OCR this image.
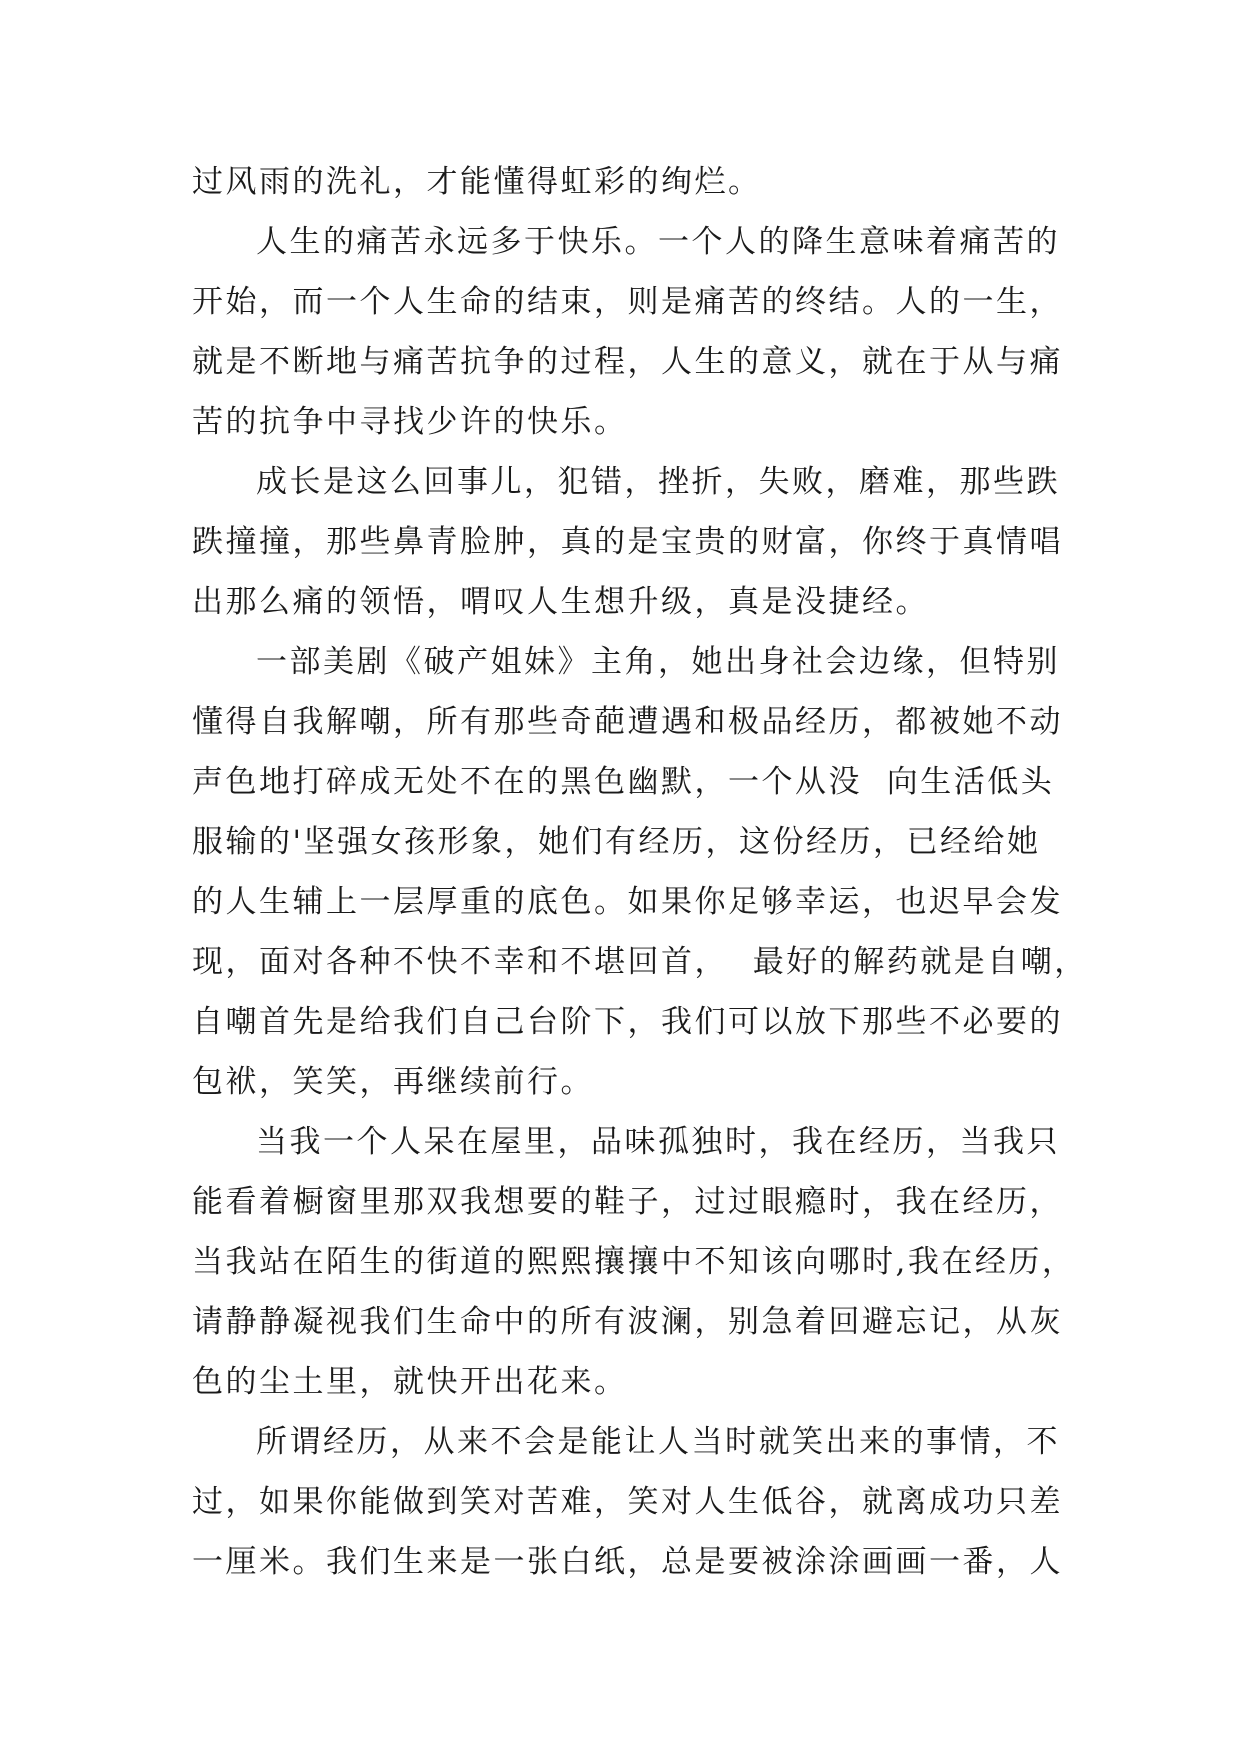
过风雨的洗礼，才能懂得虹彩的绚烂。
人生的痛苦永远多于快乐。一个人的降生意味着痛苦的
开始，而一个人生命的结束，则是痛苦的终结。人的一生，
就是不断地与痛苦抗争的过程，人生的意义，就在于从与痛
苦的抗争中寻找少许的快乐。
成长是这么回事儿，犯错，挫折，失败，磨难，那些跌
跌撞撞，那些鼻青脸肿，真的是宝贵的财富，你终于真情唱
出那么痛的领悟，喟叹人生想升级，真是没捷经。
一部美剧《破产姐妹》主角，她出身社会边缘，但特别
懂得自我解嘲，所有那些奇葩遭遇和极品经历，都被她不动
声色地打碎成无处不在的黑色幽默，一个从没  向生活低头
服输的'坚强女孩形象，她们有经历，这份经历，已经给她
的人生辅上一层厚重的底色。如果你足够幸运，也迟早会发
现，面对各种不快不幸和不堪回首，  最好的解药就是自嘲，
自嘲首先是给我们自己台阶下，我们可以放下那些不必要的
包袱，笑笑，再继续前行。
当我一个人呆在屋里，品味孤独时，我在经历，当我只
能看着橱窗里那双我想要的鞋子，过过眼瘾时，我在经历，
当我站在陌生的街道的熙熙攘攘中不知该向哪时,我在经历，
请静静凝视我们生命中的所有波澜，别急着回避忘记，从灰
色的尘土里，就快开出花来。
所谓经历，从来不会是能让人当时就笑出来的事情，不
过，如果你能做到笑对苦难，笑对人生低谷，就离成功只差
一厘米。我们生来是一张白纸，总是要被涂涂画画一番，人
